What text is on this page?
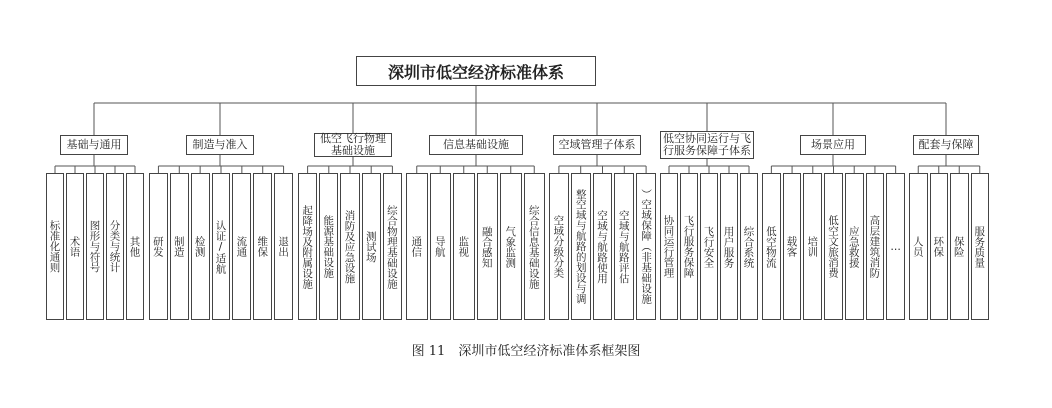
深圳市低空经济标准体系
图 11　深圳市低空经济标准体系框架图
基础与通用
标准化通则 术语 图形与符号 分类与统计 其他
制造与准入
研发 制造 检测 认证/适航 流通 维保 退出
低空飞行物理基础设施
起降场及附属设施 能源基础设施 消防及应急设施 测试场 综合物理基础设施
信息基础设施
通信 导航 监视 融合感知 气象监测 综合信息基础设施
空域管理子体系
空域分级分类 空域与航路的划设与调
整
空域与航路使用 空域与航路评估 空域保障（非基础设施
）
低空协同运行与飞行服务保障子体系
协同运行管理 飞行服务保障 飞行安全 用户服务 综合系统
场景应用
低空物流 载客 培训 低空文旅消费 应急救援 高层建筑消防 …
配套与保障
人员 环保 保险 服务质量
